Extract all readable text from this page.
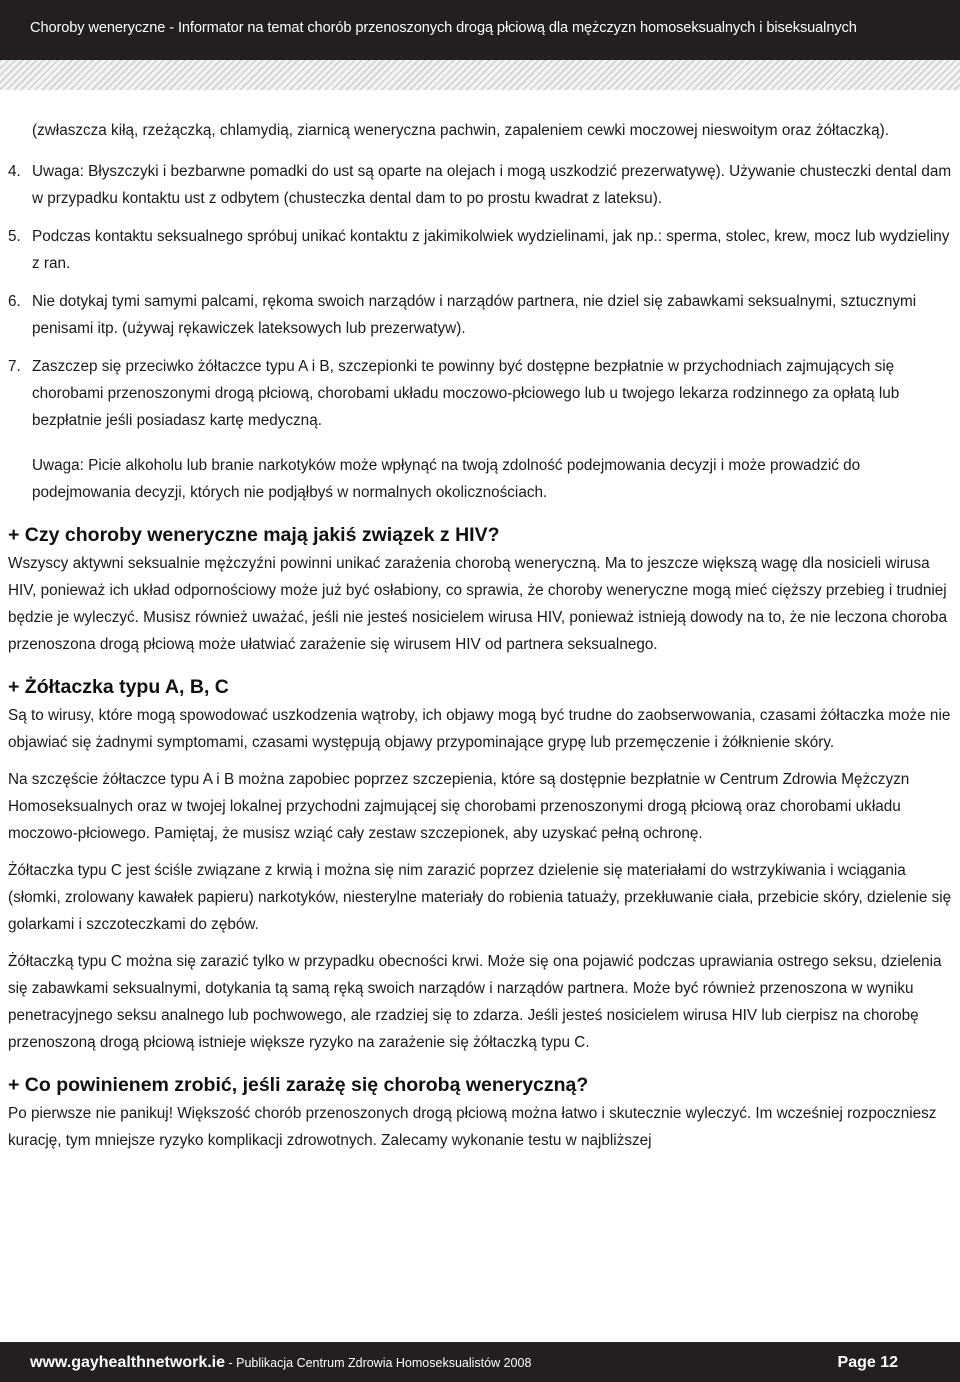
Choroby weneryczne - Informator na temat chorób przenoszonych drogą płciową dla mężczyzn homoseksualnych i biseksualnych

(zwłaszcza kiłą, rzeżączką, chlamydią, ziarnicą weneryczna pachwin, zapaleniem cewki moczowej nieswoitym oraz żółtaczką).

4. Uwaga: Błyszczyki i bezbarwne pomadki do ust są oparte na olejach i mogą uszkodzić prezerwatywę). Używanie chusteczki dental dam w przypadku kontaktu ust z odbytem (chusteczka dental dam to po prostu kwadrat z lateksu).
5. Podczas kontaktu seksualnego spróbuj unikać kontaktu z jakimikolwiek wydzielinami, jak np.: sperma, stolec, krew, mocz lub wydzieliny z ran.
6. Nie dotykaj tymi samymi palcami, rękoma swoich narządów i narządów partnera, nie dziel się zabawkami seksualnymi, sztucznymi penisami itp. (używaj rękawiczek lateksowych lub prezerwatyw).
7. Zaszczep się przeciwko żółtaczce typu A i B, szczepionki te powinny być dostępne bezpłatnie w przychodniach zajmujących się chorobami przenoszonymi drogą płciową, chorobami układu moczowo-płciowego lub u twojego lekarza rodzinnego za opłatą lub bezpłatnie jeśli posiadasz kartę medyczną.

Uwaga: Picie alkoholu lub branie narkotyków może wpłynąć na twoją zdolność podejmowania decyzji i może prowadzić do podejmowania decyzji, których nie podjąłbyś w normalnych okolicznościach.

+ Czy choroby weneryczne mają jakiś związek z HIV?

Wszyscy aktywni seksualnie mężczyźni powinni unikać zarażenia chorobą weneryczną. Ma to jeszcze większą wagę dla nosicieli wirusa HIV, ponieważ ich układ odpornościowy może już być osłabiony, co sprawia, że choroby weneryczne mogą mieć cięższy przebieg i trudniej będzie je wyleczyć. Musisz również uważać, jeśli nie jesteś nosicielem wirusa HIV, ponieważ istnieją dowody na to, że nie leczona choroba przenoszona drogą płciową może ułatwiać zarażenie się wirusem HIV od partnera seksualnego.

+ Żółtaczka typu A, B, C

Są to wirusy, które mogą spowodować uszkodzenia wątroby, ich objawy mogą być trudne do zaobserwowania, czasami żółtaczka może nie objawiać się żadnymi symptomami, czasami występują objawy przypominające grypę lub przemęczenie i żółknienie skóry.

Na szczęście żółtaczce typu A i B można zapobiec poprzez szczepienia, które są dostępnie bezpłatnie w Centrum Zdrowia Mężczyzn Homoseksualnych oraz w twojej lokalnej przychodni zajmującej się chorobami przenoszonymi drogą płciową oraz chorobami układu moczowo-płciowego. Pamiętaj, że musisz wziąć cały zestaw szczepionek, aby uzyskać pełną ochronę.

Żółtaczka typu C jest ściśle związane z krwią i można się nim zarazić poprzez dzielenie się materiałami do wstrzykiwania i wciągania (słomki, zrolowany kawałek papieru) narkotyków, niesterylne materiały do robienia tatuaży, przekłuwanie ciała, przebicie skóry, dzielenie się golarkami i szczoteczkami do zębów.

Żółtaczką typu C można się zarazić tylko w przypadku obecności krwi. Może się ona pojawić podczas uprawiania ostrego seksu, dzielenia się zabawkami seksualnymi, dotykania tą samą ręką swoich narządów i narządów partnera. Może być również przenoszona w wyniku penetracyjnego seksu analnego lub pochwowego, ale rzadziej się to zdarza. Jeśli jesteś nosicielem wirusa HIV lub cierpisz na chorobę przenoszoną drogą płciową istnieje większe ryzyko na zarażenie się żółtaczką typu C.

+ Co powinienem zrobić, jeśli zarażę się chorobą weneryczną?

Po pierwsze nie panikuj! Większość chorób przenoszonych drogą płciową można łatwo i skutecznie wyleczyć. Im wcześniej rozpoczniesz kurację, tym mniejsze ryzyko komplikacji zdrowotnych. Zalecamy wykonanie testu w najbliższej

www.gayhealthnetwork.ie - Publikacja Centrum Zdrowia Homoseksualistów 2008	Page 12
